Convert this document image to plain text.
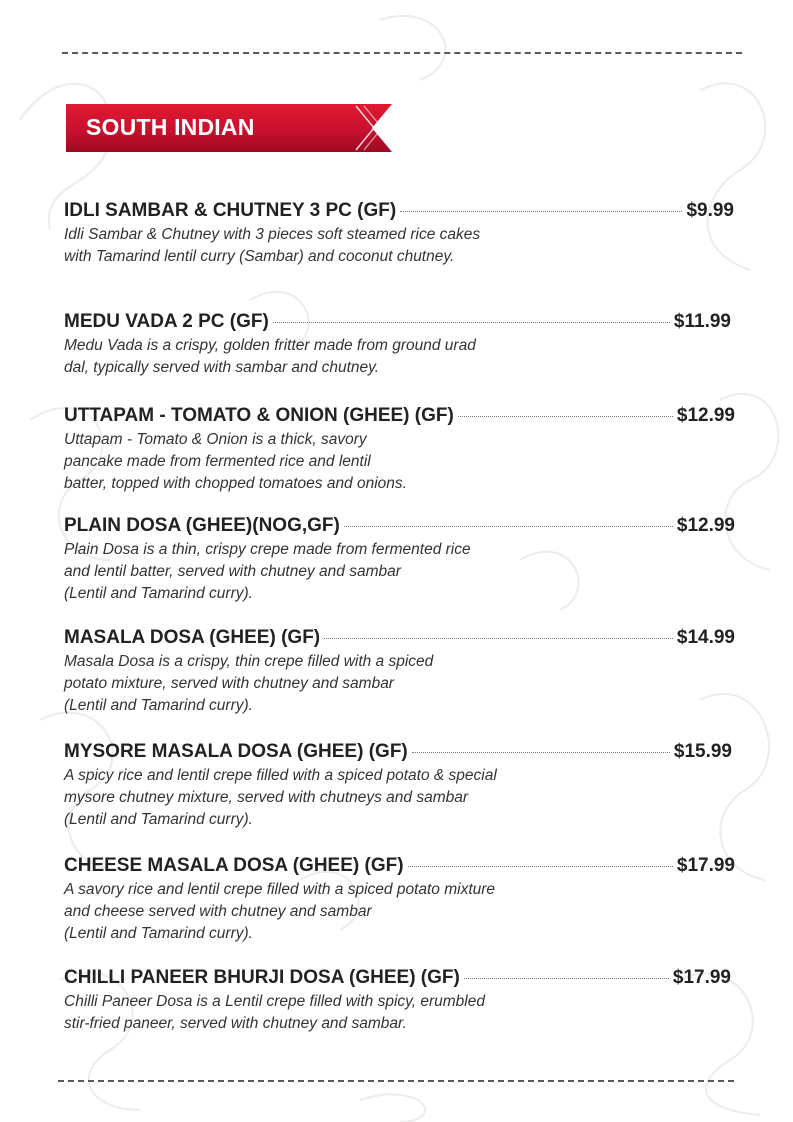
SOUTH INDIAN
IDLI SAMBAR & CHUTNEY 3 PC (GF)	$9.99
Idli Sambar & Chutney with 3 pieces soft steamed rice cakes
with Tamarind lentil curry (Sambar) and coconut chutney.
MEDU VADA 2 PC (GF)	$11.99
Medu Vada is a crispy, golden fritter made from ground urad
dal, typically served with sambar and chutney.
UTTAPAM - TOMATO & ONION (GHEE) (GF)	$12.99
Uttapam - Tomato & Onion is a thick, savory
pancake made from fermented rice and lentil
batter, topped with chopped tomatoes and onions.
PLAIN DOSA (GHEE)(NOG,GF)	$12.99
Plain Dosa is a thin, crispy crepe made from fermented rice
and lentil batter, served with chutney and sambar
(Lentil and Tamarind curry).
MASALA DOSA (GHEE) (GF)	$14.99
Masala Dosa is a crispy, thin crepe filled with a spiced
potato mixture, served with chutney and sambar
(Lentil and Tamarind curry).
MYSORE MASALA DOSA (GHEE) (GF)	$15.99
A spicy rice and lentil crepe filled with a spiced potato & special
mysore chutney mixture, served with chutneys and sambar
(Lentil and Tamarind curry).
CHEESE MASALA DOSA (GHEE) (GF)	$17.99
A savory rice and lentil crepe filled with a spiced potato mixture
and cheese served with chutney and sambar
(Lentil and Tamarind curry).
CHILLI PANEER BHURJI DOSA (GHEE) (GF)	$17.99
Chilli Paneer Dosa is a Lentil crepe filled with spicy, erumbled
stir-fried paneer, served with chutney and sambar.
